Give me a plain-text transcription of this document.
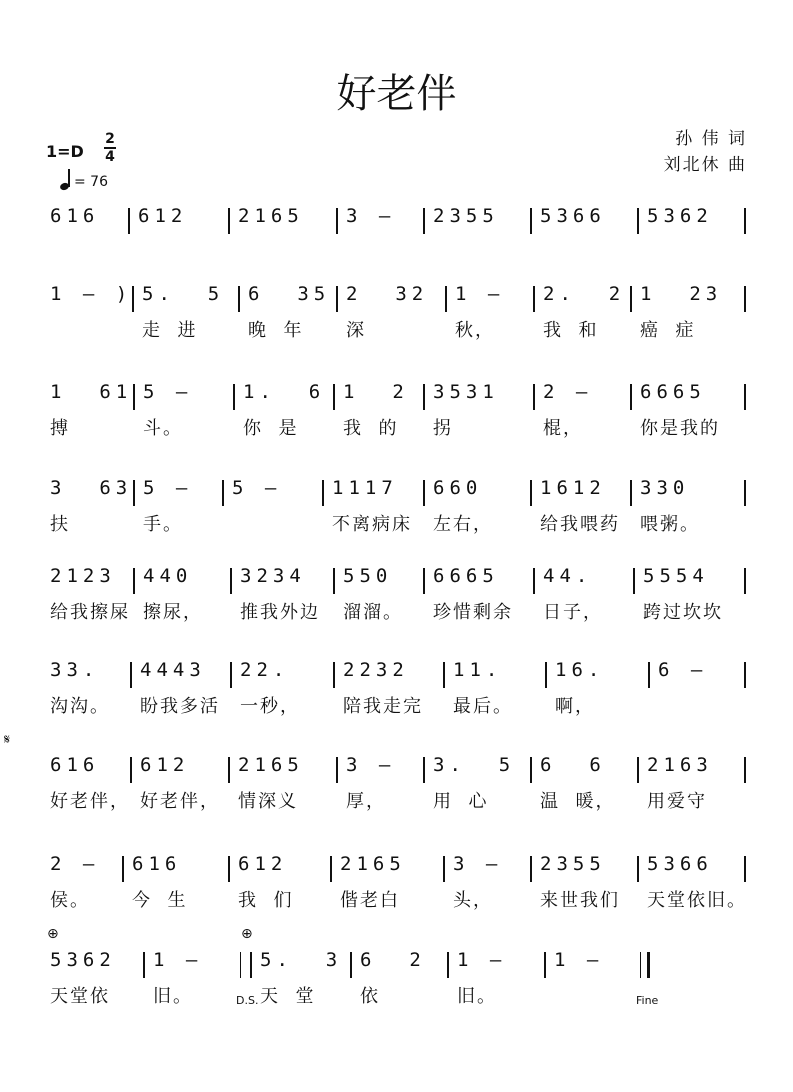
好老伴
孙 伟 词
刘北休 曲
1=D
2
4
= 76
616	612	2165	3 –	2355	5366	5362
1 – ) 5.  5	6  35 2  32	1 –	2.  2 1  23
走  进	晚  年	深	秋，	我  和	癌  症
1  61 5 –	1.  6 1  2	3531	2 –	6665
搏	斗。	你  是	我  的	拐	棍，	你是我的
3  63 5 –	5 –	1117	660	1612	330
扶	手。	不离病床	左右，	给我喂药	喂粥。
2123	440	3234	550	6665	44.	5554
给我擦屎 擦尿，	推我外边	溜溜。	珍惜剩余	日子，	跨过坎坎
33.	4443	22.	2232	11.	16.	6 –
沟沟。	盼我多活	一秒，	陪我走完	最后。	啊，
616	612	2165	3 –	3.  5	6  6	2163
好老伴， 好老伴，	情深义	厚，	用  心	温  暖，	用爱守
2 –	616	612	2165	3 –	2355	5366
侯。	今  生	我  们	偕老白	头，	来世我们	天堂依旧。
5362	1 –	5.  3 6  2	1 –	1 –
天堂依	旧。	天  堂	依	旧。
𝄋
⊕	⊕
D.S.	Fine
